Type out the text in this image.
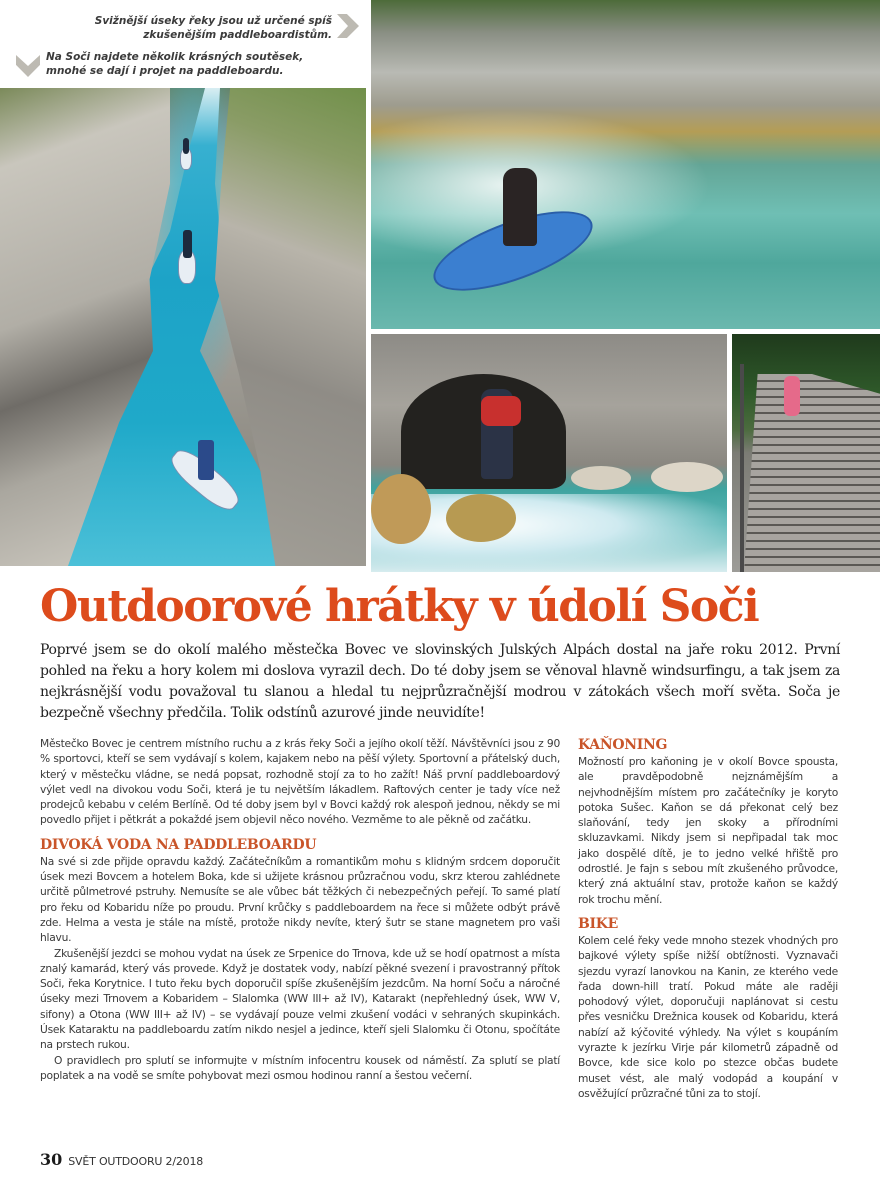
Svižnější úseky řeky jsou už určené spíš
zkušenějším paddleboardistům.
Na Soči najdete několik krásných soutěsek,
mnohé se dají i projet na paddleboardu.
Outdoorové hrátky v údolí Soči

Poprvé jsem se do okolí malého městečka Bovec ve slovinských Julských Alpách dostal na jaře roku 2012. První pohled na řeku a hory kolem mi doslova vyrazil dech. Do té doby jsem se věnoval hlavně windsurfingu, a tak jsem za nejkrásnější vodu považoval tu slanou a hledal tu nejprůzračnější modrou v zátokách všech moří světa. Soča je bezpečně všechny předčila. Tolik odstínů azurové jinde neuvidíte!

Městečko Bovec je centrem místního ruchu a z krás řeky Soči a jejího okolí těží. Návštěvníci jsou z 90 % sportovci, kteří se sem vydávají s kolem, kajakem nebo na pěší výlety. Sportovní a přátelský duch, který v městečku vládne, se nedá popsat, rozhodně stojí za to ho zažít! Náš první paddleboardový výlet vedl na divokou vodu Soči, která je tu největším lákadlem. Raftových center je tady více než prodejců kebabu v celém Berlíně. Od té doby jsem byl v Bovci každý rok alespoň jednou, někdy se mi povedlo přijet i pětkrát a pokaždé jsem objevil něco nového. Vezměme to ale pěkně od začátku.

DIVOKÁ VODA NA PADDLEBOARDU

Na své si zde přijde opravdu každý. Začátečníkům a romantikům mohu s klidným srdcem doporučit úsek mezi Bovcem a hotelem Boka, kde si užijete krásnou průzračnou vodu, skrz kterou zahlédnete určitě půlmetrové pstruhy. Nemusíte se ale vůbec bát těžkých či nebezpečných peřejí. To samé platí pro řeku od Kobaridu níže po proudu. První krůčky s paddleboardem na řece si můžete odbýt právě zde. Helma a vesta je stále na místě, protože nikdy nevíte, který šutr se stane magnetem pro vaši hlavu.

Zkušenější jezdci se mohou vydat na úsek ze Srpenice do Trnova, kde už se hodí opatrnost a místa znalý kamarád, který vás provede. Když je dostatek vody, nabízí pěkné svezení i pravostranný přítok Soči, řeka Korytnice. I tuto řeku bych doporučil spíše zkušenějším jezdcům. Na horní Soču a náročné úseky mezi Trnovem a Kobaridem – Slalomka (WW III+ až IV), Katarakt (nepřehledný úsek, WW V, sifony) a Otona (WW III+ až IV) – se vydávají pouze velmi zkušení vodáci v sehraných skupinkách. Úsek Kataraktu na paddleboardu zatím nikdo nesjel a jedince, kteří sjeli Slalomku či Otonu, spočítáte na prstech rukou.

O pravidlech pro splutí se informujte v místním infocentru kousek od náměstí. Za splutí se platí poplatek a na vodě se smíte pohybovat mezi osmou hodinou ranní a šestou večerní.

KAŇONING

Možností pro kaňoning je v okolí Bovce spousta, ale pravděpodobně nejznámějším a nejvhodnějším místem pro začátečníky je koryto potoka Sušec. Kaňon se dá překonat celý bez slaňování, tedy jen skoky a přírodními skluzavkami. Nikdy jsem si nepřipadal tak moc jako dospělé dítě, je to jedno velké hřiště pro odrostlé. Je fajn s sebou mít zkušeného průvodce, který zná aktuální stav, protože kaňon se každý rok trochu mění.

BIKE

Kolem celé řeky vede mnoho stezek vhodných pro bajkové výlety spíše nižší obtížnosti. Vyznavači sjezdu vyrazí lanovkou na Kanin, ze kterého vede řada down-hill tratí. Pokud máte ale raději pohodový výlet, doporučuji naplánovat si cestu přes vesničku Drežnica kousek od Kobaridu, která nabízí až kýčovité výhledy. Na výlet s koupáním vyrazte k jezírku Virje pár kilometrů západně od Bovce, kde sice kolo po stezce občas budete muset vést, ale malý vodopád a koupání v osvěžující průzračné tůni za to stojí.

30 SVĚT OUTDOORU 2/2018
